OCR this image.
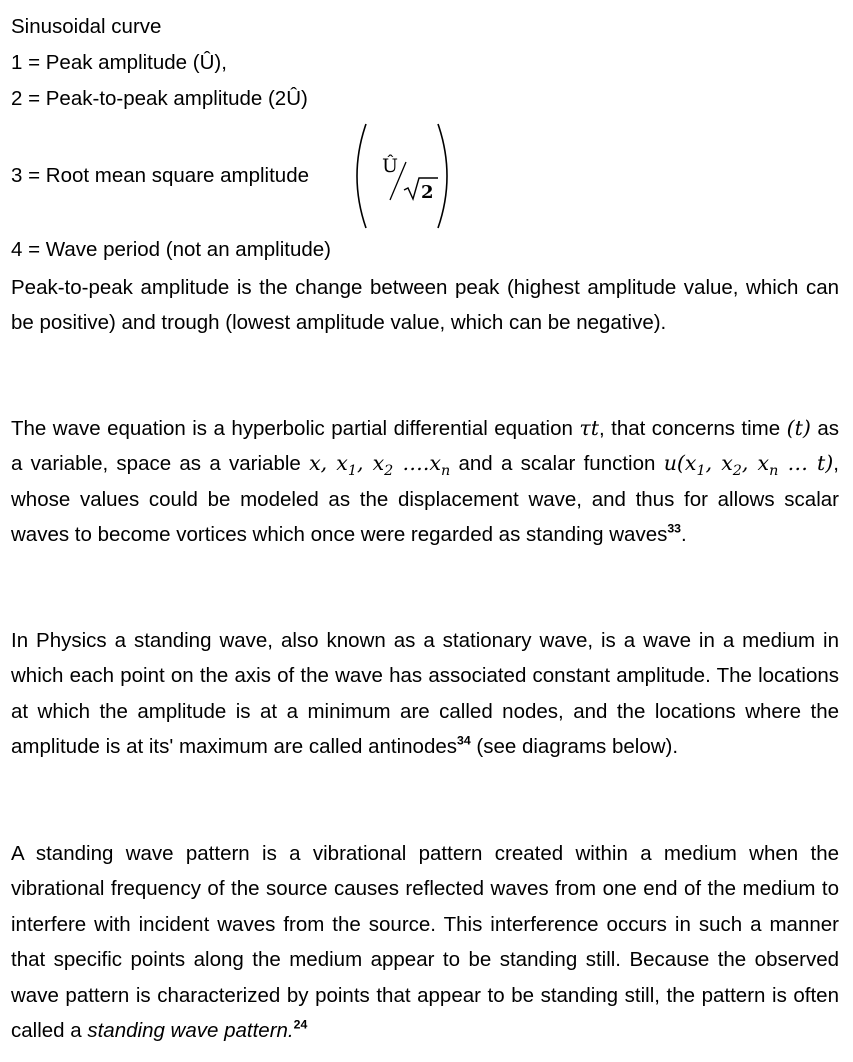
Sinusoidal curve
1 = Peak amplitude (Û),
2 = Peak-to-peak amplitude (2Û)
3 = Root mean square amplitude	Û
2
4 = Wave period (not an amplitude)
Peak-to-peak amplitude is the change between peak (highest amplitude value, which can be positive) and trough (lowest amplitude value, which can be negative).
The wave equation is a hyperbolic partial differential equation τt, that concerns time (t) as a variable, space as a variable x, $x_1$, $x_2$ $\dots.x_n$ and a scalar function $u(x_1$, $x_2$, $x_n$ … t), whose values could be modeled as the displacement wave, and thus for allows scalar waves to become vortices which once were regarded as standing waves$^{33}$.
In Physics a standing wave, also known as a stationary wave, is a wave in a medium in which each point on the axis of the wave has associated constant amplitude. The locations at which the amplitude is at a minimum are called nodes, and the locations where the amplitude is at its' maximum are called antinodes$^{34}$ (see diagrams below).
A standing wave pattern is a vibrational pattern created within a medium when the vibrational frequency of the source causes reflected waves from one end of the medium to interfere with incident waves from the source. This interference occurs in such a manner that specific points along the medium appear to be standing still. Because the observed wave pattern is characterized by points that appear to be standing still, the pattern is often called a standing wave pattern.$^{24}$
